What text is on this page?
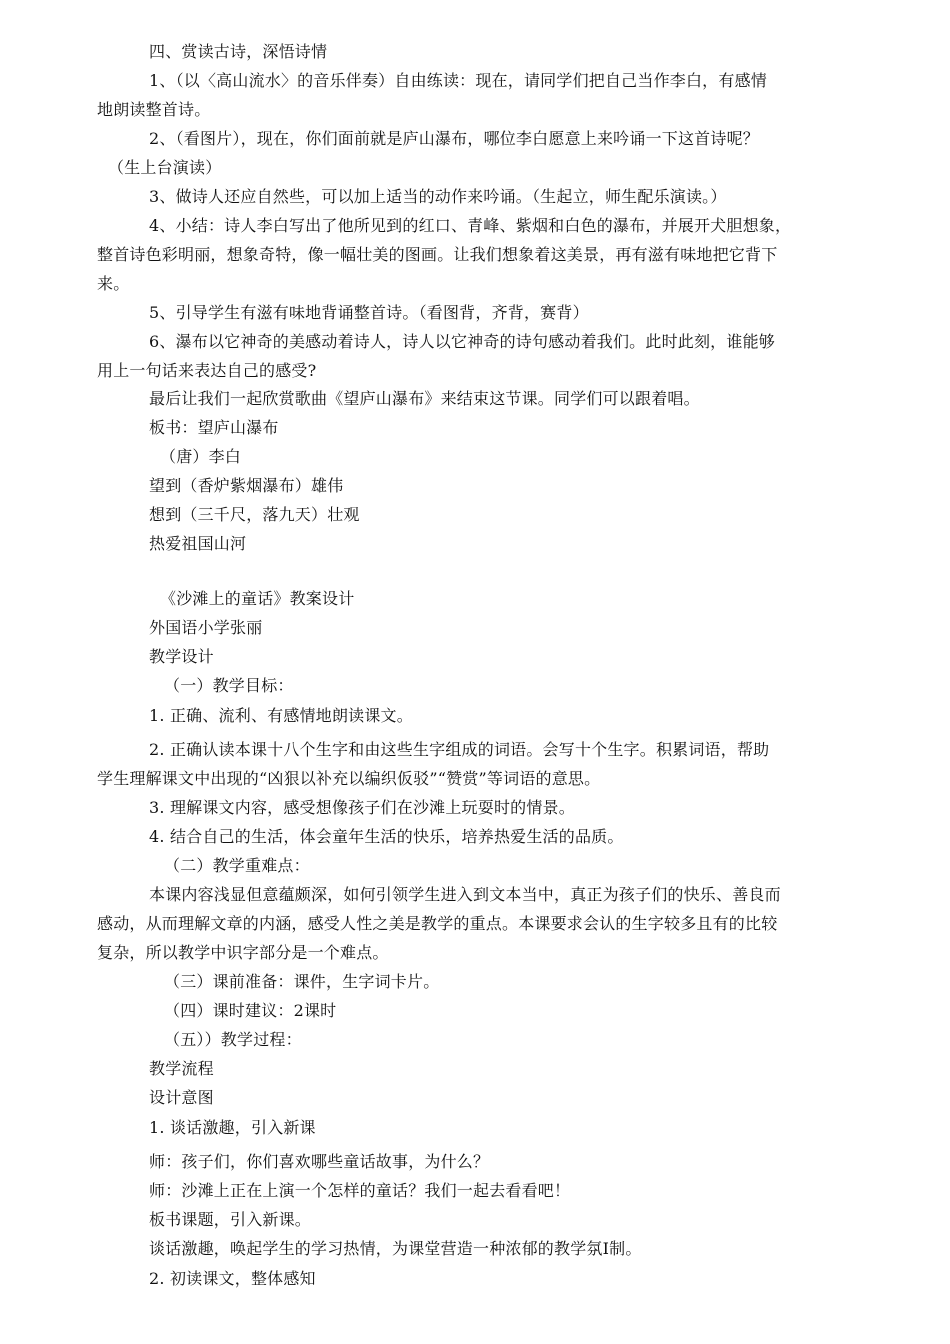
四、赏读古诗，深悟诗情
1、（以〈高山流水〉的音乐伴奏）自由练读：现在，请同学们把自己当作李白，有感情
地朗读整首诗。
2、（看图片），现在，你们面前就是庐山瀑布，哪位李白愿意上来吟诵一下这首诗呢？
（生上台演读）
3、做诗人还应自然些，可以加上适当的动作来吟诵。（生起立，师生配乐演读。）
4、小结：诗人李白写出了他所见到的红口、青峰、紫烟和白色的瀑布，并展开犬胆想象，
整首诗色彩明丽，想象奇特，像一幅壮美的图画。让我们想象着这美景，再有滋有味地把它背下
来。
5、引导学生有滋有味地背诵整首诗。（看图背，齐背，赛背）
6、瀑布以它神奇的美感动着诗人，诗人以它神奇的诗句感动着我们。此时此刻，谁能够
用上一句话来表达自己的感受?
最后让我们一起欣赏歌曲《望庐山瀑布》来结束这节课。同学们可以跟着唱。
板书：望庐山瀑布
（唐）李白
望到（香炉紫烟瀑布）雄伟
想到（三千尺，落九天）壮观
热爱祖国山河
《沙滩上的童话》教案设计
外国语小学张丽
教学设计
（一）教学目标：
1. 正确、流利、有感情地朗读课文。
2. 正确认读本课十八个生字和由这些生字组成的词语。会写十个生字。积累词语，帮助
学生理解课文中出现的“凶狠以补充以编织仮驳”“赞赏”等词语的意思。
3. 理解课文内容，感受想像孩子们在沙滩上玩耍时的情景。
4. 结合自己的生活，体会童年生活的快乐，培养热爱生活的品质。
（二）教学重难点：
本课内容浅显但意蕴颇深，如何引领学生进入到文本当中，真正为孩子们的快乐、善良而
感动，从而理解文章的内涵，感受人性之美是教学的重点。本课要求会认的生字较多且有的比较
复杂，所以教学中识字部分是一个难点。
（三）课前准备：课件，生字词卡片。
（四）课时建议：2课时
（五））教学过程：
教学流程
设计意图
1. 谈话激趣，引入新课
师：孩子们，你们喜欢哪些童话故事，为什么？
师：沙滩上正在上演一个怎样的童话？我们一起去看看吧！
板书课题，引入新课。
谈话激趣，唤起学生的学习热情，为课堂营造一种浓郁的教学氛I制。
2. 初读课文，整体感知
